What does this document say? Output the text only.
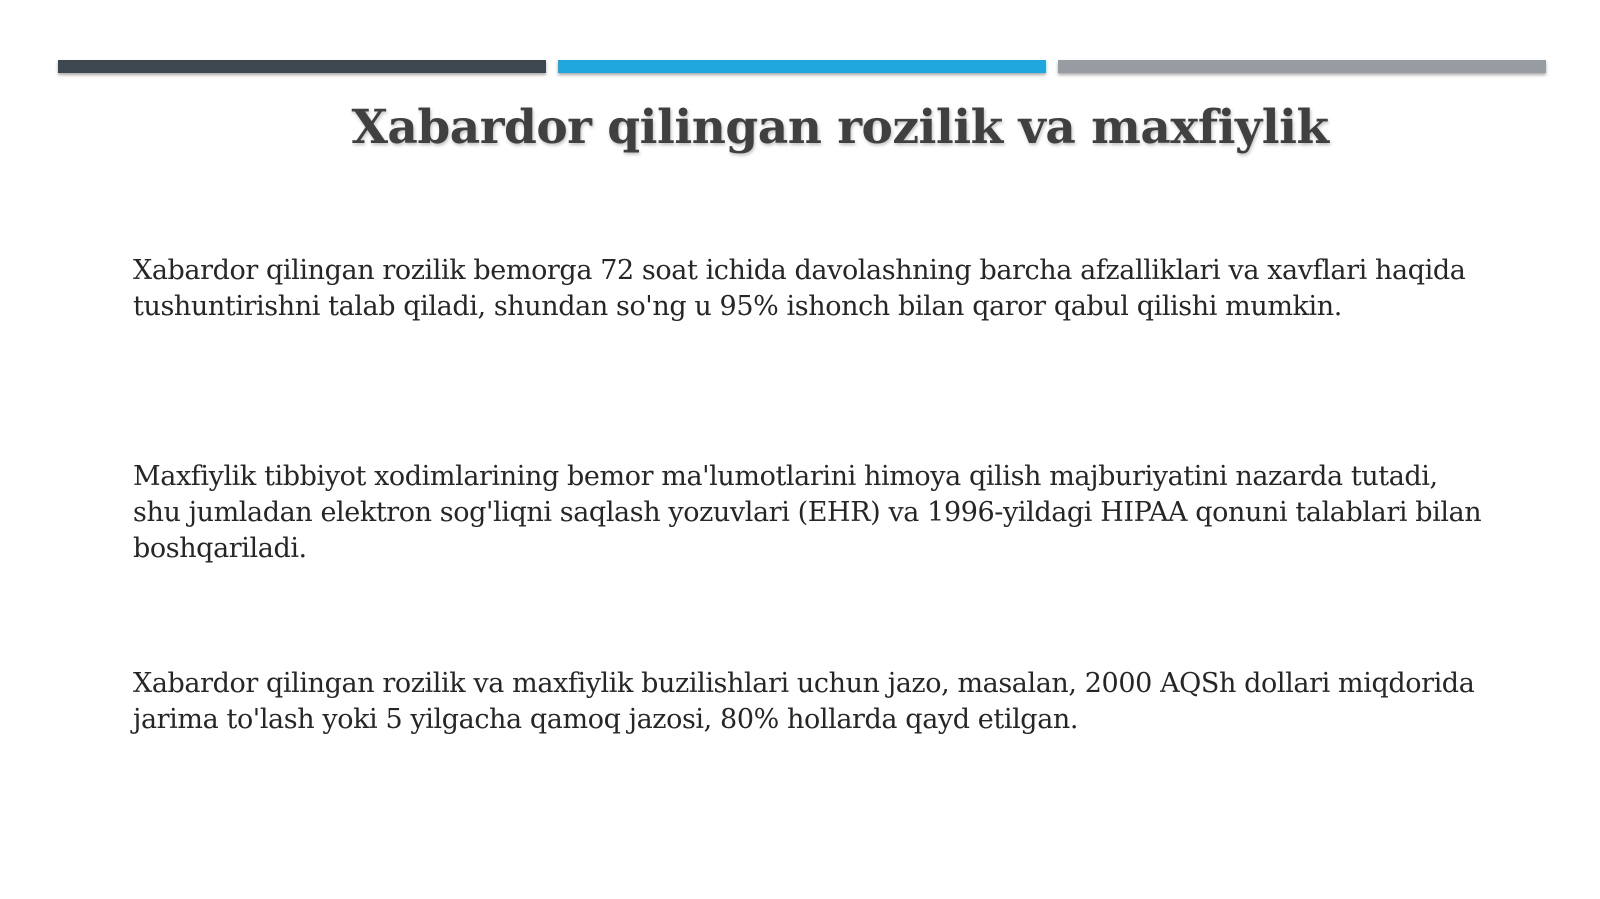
Xabardor qilingan rozilik va maxfiylik

Xabardor qilingan rozilik bemorga 72 soat ichida davolashning barcha afzalliklari va xavflari haqida tushuntirishni talab qiladi, shundan so'ng u 95% ishonch bilan qaror qabul qilishi mumkin.

Maxfiylik tibbiyot xodimlarining bemor ma'lumotlarini himoya qilish majburiyatini nazarda tutadi, shu jumladan elektron sog'liqni saqlash yozuvlari (EHR) va 1996-yildagi HIPAA qonuni talablari bilan boshqariladi.

Xabardor qilingan rozilik va maxfiylik buzilishlari uchun jazo, masalan, 2000 AQSh dollari miqdorida jarima to'lash yoki 5 yilgacha qamoq jazosi, 80% hollarda qayd etilgan.
